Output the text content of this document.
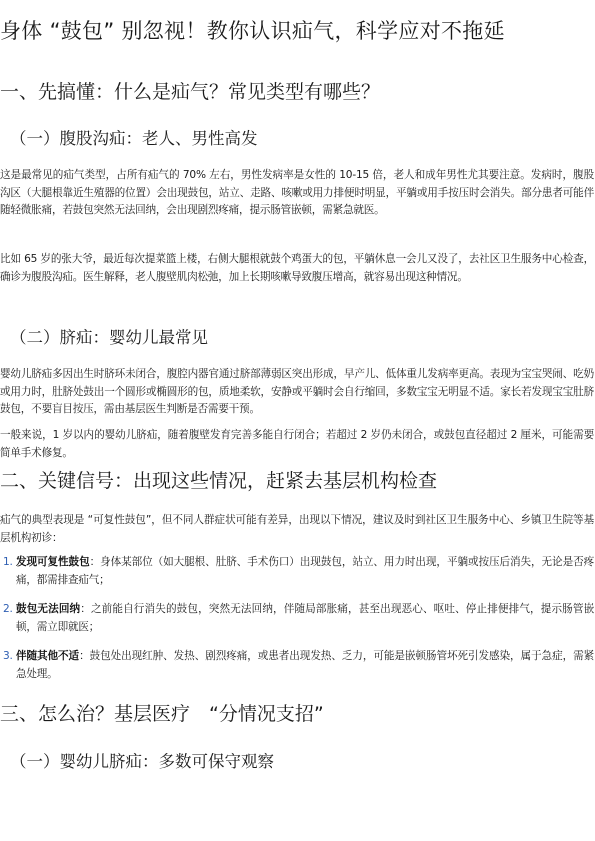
身体 “鼓包” 别忽视！教你认识疝气，科学应对不拖延
一、先搞懂：什么是疝气？常见类型有哪些？
（一）腹股沟疝：老人、男性高发
这是最常见的疝气类型，占所有疝气的 70% 左右，男性发病率是女性的 10-15 倍，老人和成年男性尤其要注意。发病时，腹股沟区（大腿根靠近生殖器的位置）会出现鼓包，站立、走路、咳嗽或用力排便时明显，平躺或用手按压时会消失。部分患者可能伴随轻微胀痛，若鼓包突然无法回纳，会出现剧烈疼痛，提示肠管嵌顿，需紧急就医。
比如 65 岁的张大爷，最近每次提菜篮上楼，右侧大腿根就鼓个鸡蛋大的包，平躺休息一会儿又没了，去社区卫生服务中心检查，确诊为腹股沟疝。医生解释，老人腹壁肌肉松弛，加上长期咳嗽导致腹压增高，就容易出现这种情况。
（二）脐疝：婴幼儿最常见
婴幼儿脐疝多因出生时脐环未闭合，腹腔内器官通过脐部薄弱区突出形成，早产儿、低体重儿发病率更高。表现为宝宝哭闹、吃奶或用力时，肚脐处鼓出一个圆形或椭圆形的包，质地柔软，安静或平躺时会自行缩回，多数宝宝无明显不适。家长若发现宝宝肚脐鼓包，不要盲目按压，需由基层医生判断是否需要干预。
一般来说，1 岁以内的婴幼儿脐疝，随着腹壁发育完善多能自行闭合；若超过 2 岁仍未闭合，或鼓包直径超过 2 厘米，可能需要简单手术修复。
二、关键信号：出现这些情况，赶紧去基层机构检查
疝气的典型表现是 “可复性鼓包”，但不同人群症状可能有差异，出现以下情况，建议及时到社区卫生服务中心、乡镇卫生院等基层机构初诊：
1. 发现可复性鼓包：身体某部位（如大腿根、肚脐、手术伤口）出现鼓包，站立、用力时出现，平躺或按压后消失，无论是否疼痛，都需排查疝气；
2. 鼓包无法回纳：之前能自行消失的鼓包，突然无法回纳，伴随局部胀痛，甚至出现恶心、呕吐、停止排便排气，提示肠管嵌顿，需立即就医；
3. 伴随其他不适：鼓包处出现红肿、发热、剧烈疼痛，或患者出现发热、乏力，可能是嵌顿肠管坏死引发感染，属于急症，需紧急处理。
三、怎么治？基层医疗　“分情况支招”
（一）婴幼儿脐疝：多数可保守观察
